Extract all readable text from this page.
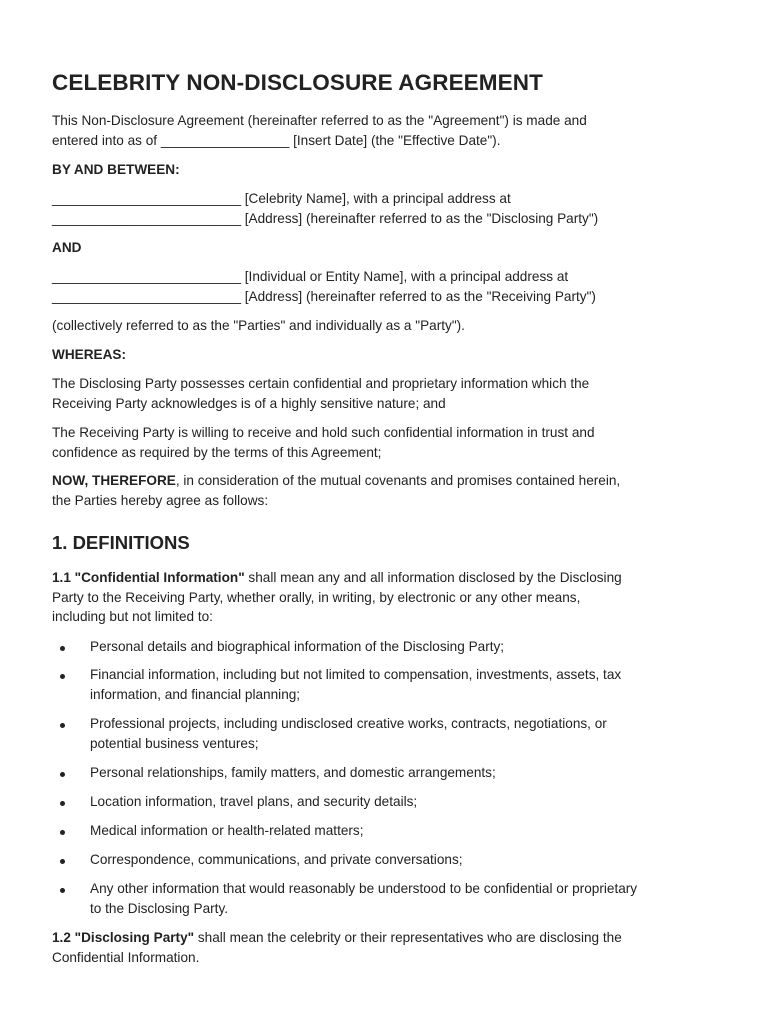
CELEBRITY NON-DISCLOSURE AGREEMENT

This Non-Disclosure Agreement (hereinafter referred to as the "Agreement") is made and
entered into as of _________________ [Insert Date] (the "Effective Date").

BY AND BETWEEN:

_________________________ [Celebrity Name], with a principal address at
_________________________ [Address] (hereinafter referred to as the "Disclosing Party")

AND

_________________________ [Individual or Entity Name], with a principal address at
_________________________ [Address] (hereinafter referred to as the "Receiving Party")

(collectively referred to as the "Parties" and individually as a "Party").

WHEREAS:

The Disclosing Party possesses certain confidential and proprietary information which the
Receiving Party acknowledges is of a highly sensitive nature; and

The Receiving Party is willing to receive and hold such confidential information in trust and
confidence as required by the terms of this Agreement;

NOW, THEREFORE, in consideration of the mutual covenants and promises contained herein,
the Parties hereby agree as follows:

1. DEFINITIONS

1.1 "Confidential Information" shall mean any and all information disclosed by the Disclosing
Party to the Receiving Party, whether orally, in writing, by electronic or any other means,
including but not limited to:

Personal details and biographical information of the Disclosing Party;

Financial information, including but not limited to compensation, investments, assets, tax
information, and financial planning;

Professional projects, including undisclosed creative works, contracts, negotiations, or
potential business ventures;

Personal relationships, family matters, and domestic arrangements;

Location information, travel plans, and security details;

Medical information or health-related matters;

Correspondence, communications, and private conversations;

Any other information that would reasonably be understood to be confidential or proprietary
to the Disclosing Party.

1.2 "Disclosing Party" shall mean the celebrity or their representatives who are disclosing the
Confidential Information.
